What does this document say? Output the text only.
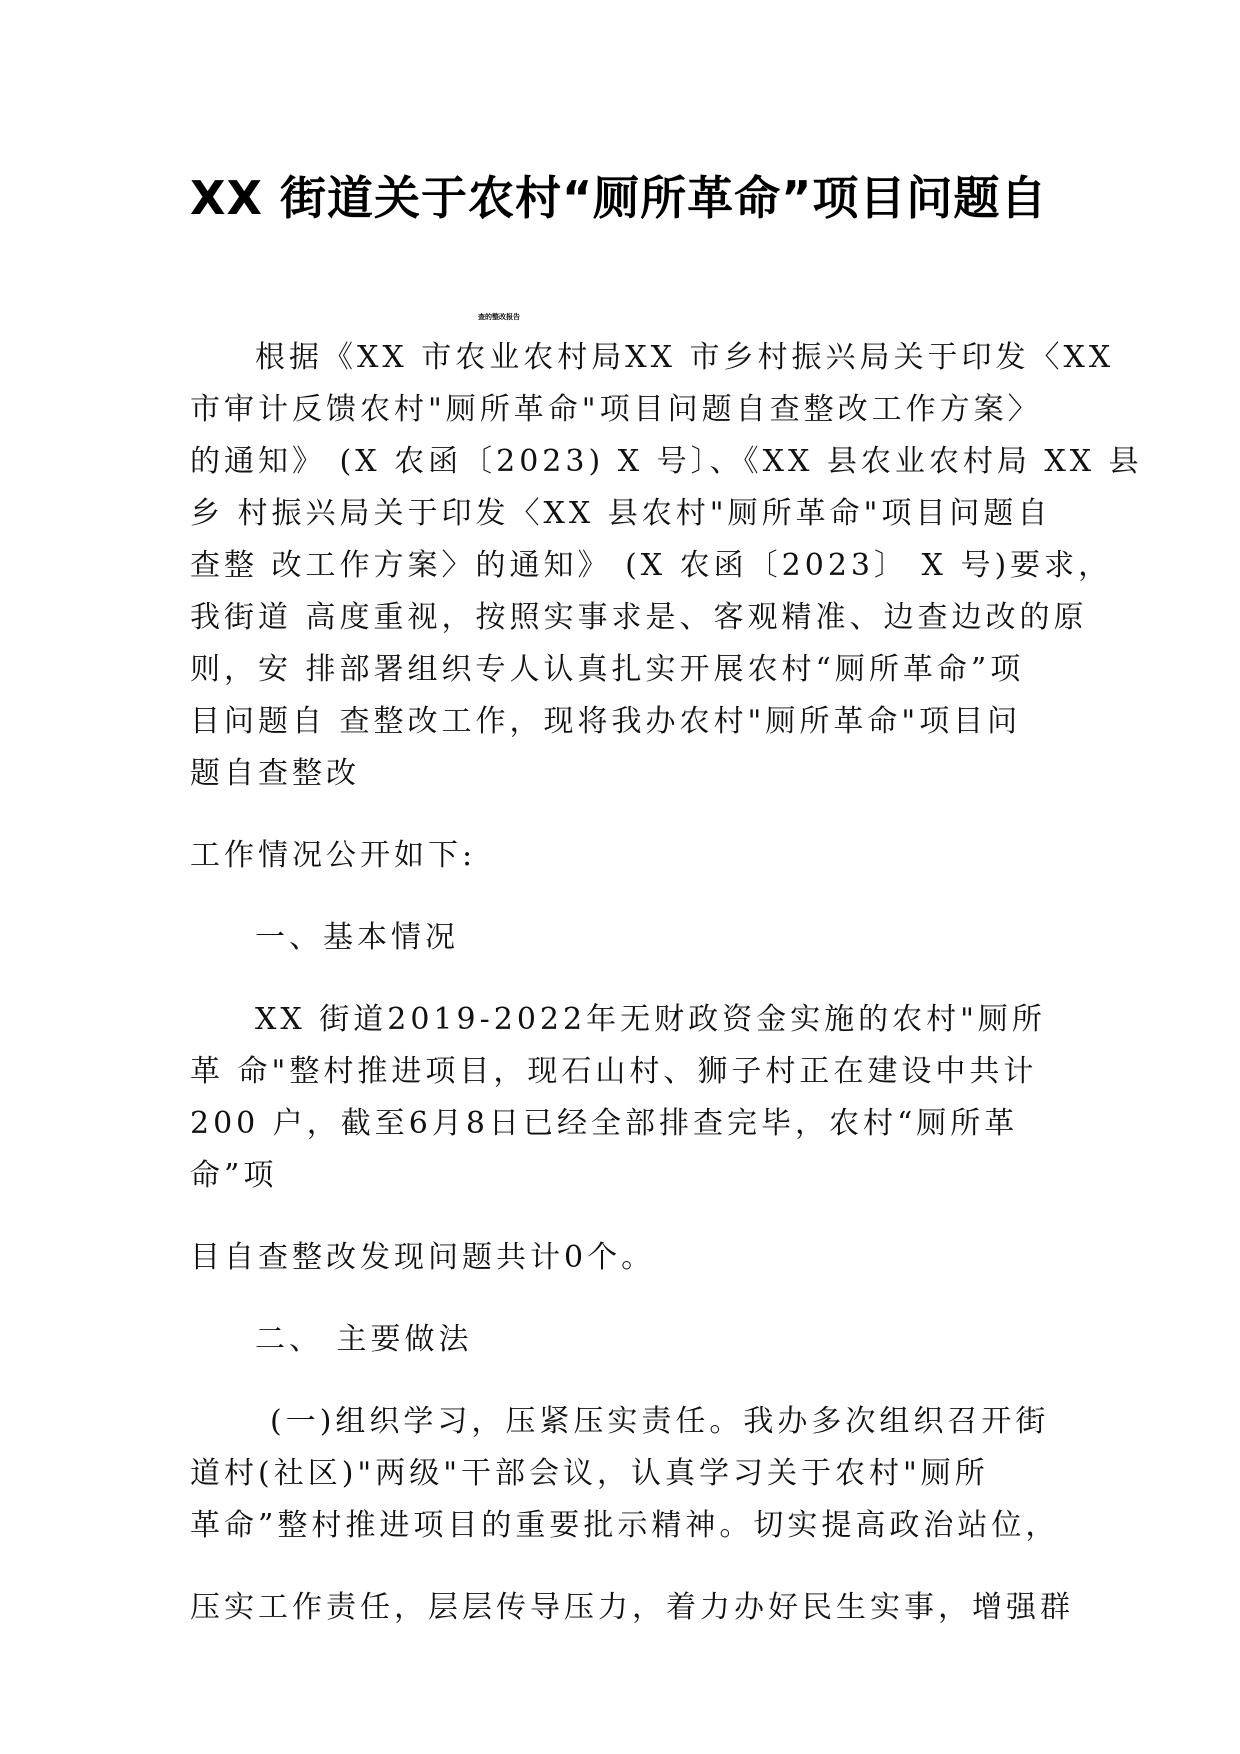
XX 街道关于农村“厕所革命”项目问题自
查的整改报告

根据《XX 市农业农村局XX 市乡村振兴局关于印发〈XX

市审计反馈农村"厕所革命"项目问题自查整改工作方案〉

的通知》 (X 农函〔2023) X 号〕、《XX 县农业农村局 XX 县

乡 村振兴局关于印发〈XX 县农村"厕所革命"项目问题自

查整 改工作方案〉的通知》 (X 农函〔2023〕 X 号)要求，

我街道 高度重视，按照实事求是、客观精准、边查边改的原

则，安 排部署组织专人认真扎实开展农村“厕所革命”项

目问题自 查整改工作，现将我办农村"厕所革命"项目问

题自查整改

工作情况公开如下:

一、基本情况

XX 街道2019-2022年无财政资金实施的农村"厕所

革 命"整村推进项目，现石山村、狮子村正在建设中共计

200 户，截至6月8日已经全部排查完毕，农村“厕所革

命”项

目自查整改发现问题共计0个。

二、 主要做法

(一)组织学习，压紧压实责任。我办多次组织召开街

道村(社区)"两级"干部会议，认真学习关于农村"厕所

革命”整村推进项目的重要批示精神。切实提高政治站位，

压实工作责任，层层传导压力，着力办好民生实事，增强群
